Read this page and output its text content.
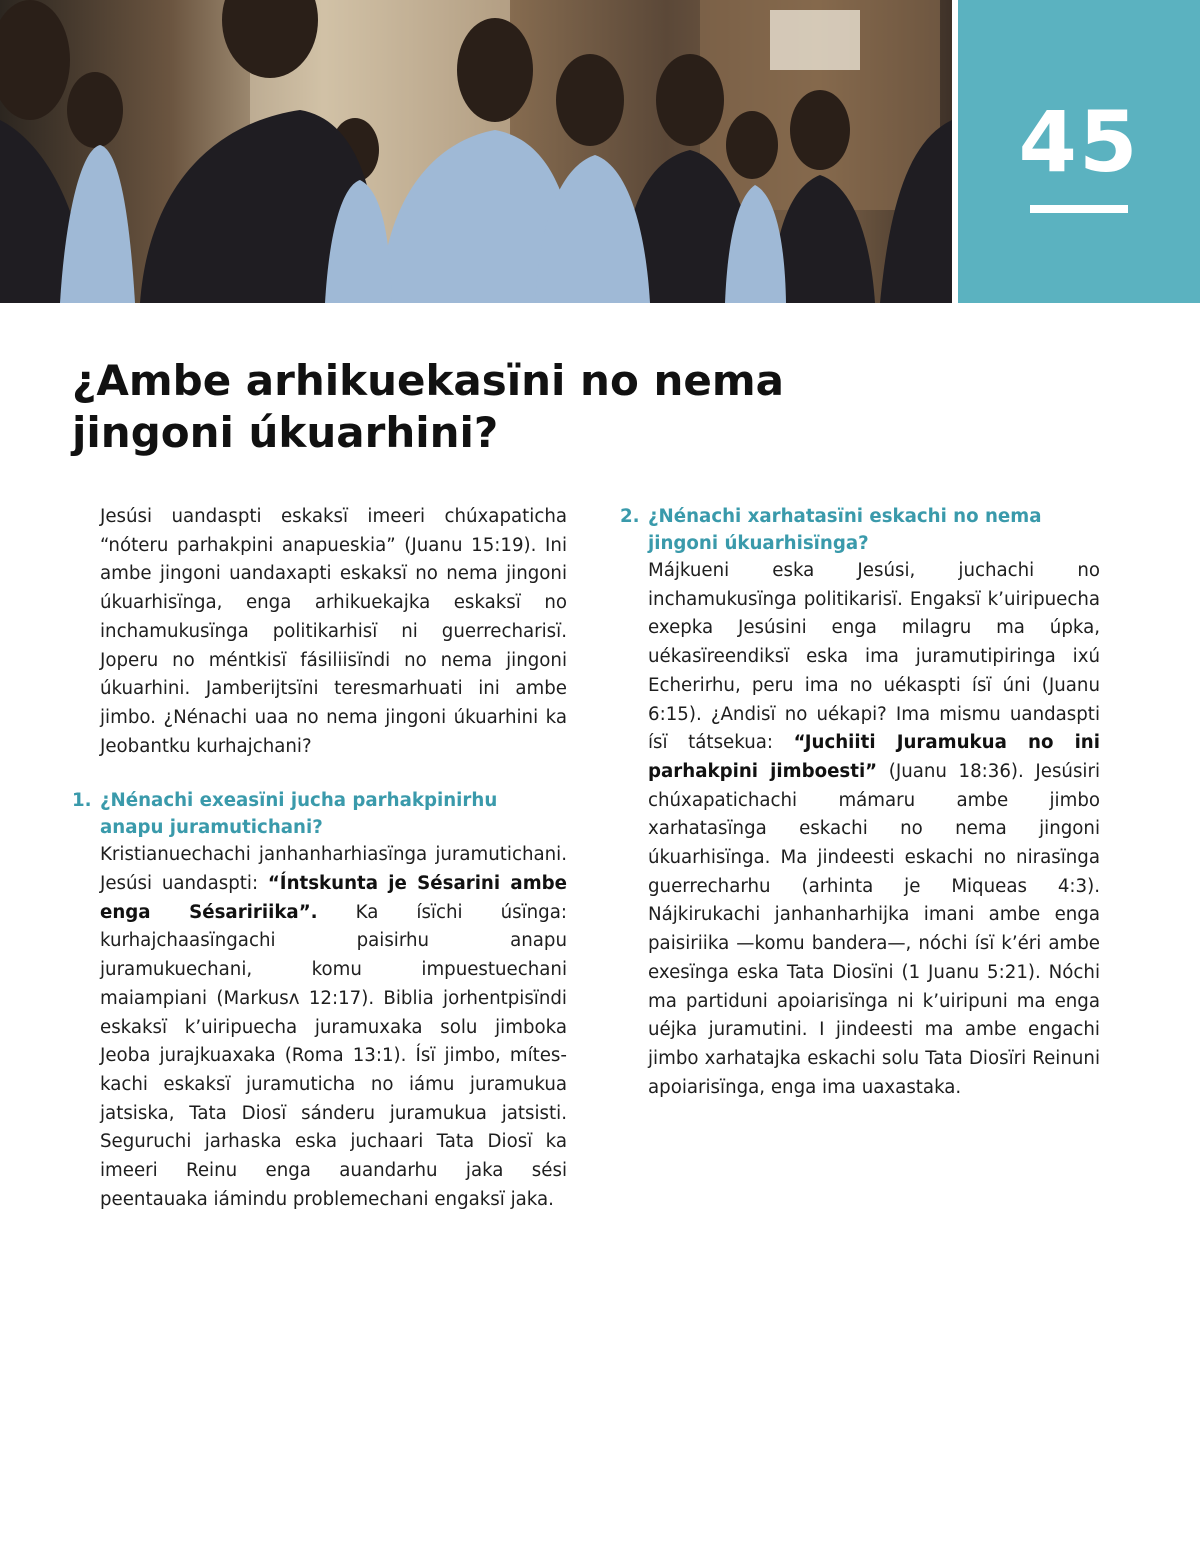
45
¿Ambe arhikuekasïni no nema
jingoni úkuarhini?

Jesúsi uandaspti eskaksï imeeri chúxapaticha “nóteru parhakpini anapueskia” (Juanu 15:19). Ini ambe jingoni uandaxapti eskaksï no nema jingoni úkuarhisïnga, enga arhikuekajka eskaksï no inchamukusïnga politikarhisï ni guerrecharisï. Joperu no méntkisï fásiliisïndi no nema jingoni úkuarhini. Jamberijtsïni teresmarhuati ini ambe jimbo. ¿Nénachi uaa no nema jingoni úkuarhini ka Jeobantku kurhajchani?

1. ¿Nénachi exeasïni jucha parhakpinirhu anapu juramutichani?

Kristianuechachi janhanharhiasïnga juramutichani. Jesúsi uandaspti: “Íntskunta je Sésarini ambe enga Sésaririika”. Ka ísïchi úsïnga: kurhajchaasïngachi paisirhu anapu juramukuechani, komu impuestuechani maiampiani (Markusʌ 12:17). Biblia jorhentpisïndi eskaksï k’uiripuecha juramuxaka solu jimboka Jeoba jurajkuaxaka (Roma 13:1). Ísï jimbo, míteskachi eskaksï juramuticha no iámu juramukua jatsiska, Tata Diosï sánderu juramukua jatsisti. Seguruchi jarhaska eska juchaari Tata Diosï ka imeeri Reinu enga auandarhu jaka sési peentauaka iámindu problemechani engaksï jaka.

2. ¿Nénachi xarhatasïni eskachi no nema jingoni úkuarhisïnga?

Májkueni eska Jesúsi, juchachi no inchamukusïnga politikarisï. Engaksï k’uiripuecha exepka Jesúsini enga milagru ma úpka, uékasïreendiksï eska ima juramutipiringa ixú Echerirhu, peru ima no uékaspti ísï úni (Juanu 6:15). ¿Andisï no uékapi? Ima mismu uandaspti ísï tátsekua: “Juchiiti Juramukua no ini parhakpini jimboesti” (Juanu 18:36). Jesúsiri chúxapatichachi mámaru ambe jimbo xarhatasïnga eskachi no nema jingoni úkuarhisïnga. Ma jindeesti eskachi no nirasïnga guerrecharhu (arhinta je Miqueas 4:3). Nájkirukachi janhanharhijka imani ambe enga paisiriika —komu bandera—, nóchi ísï k’éri ambe exesïnga eska Tata Diosïni (1 Juanu 5:21). Nóchi ma partiduni apoiarisïnga ni k’uiripuni ma enga uéjka juramutini. I jindeesti ma ambe engachi jimbo xarhatajka eskachi solu Tata Diosïri Reinuni apoiarisïnga, enga ima uaxastaka.
